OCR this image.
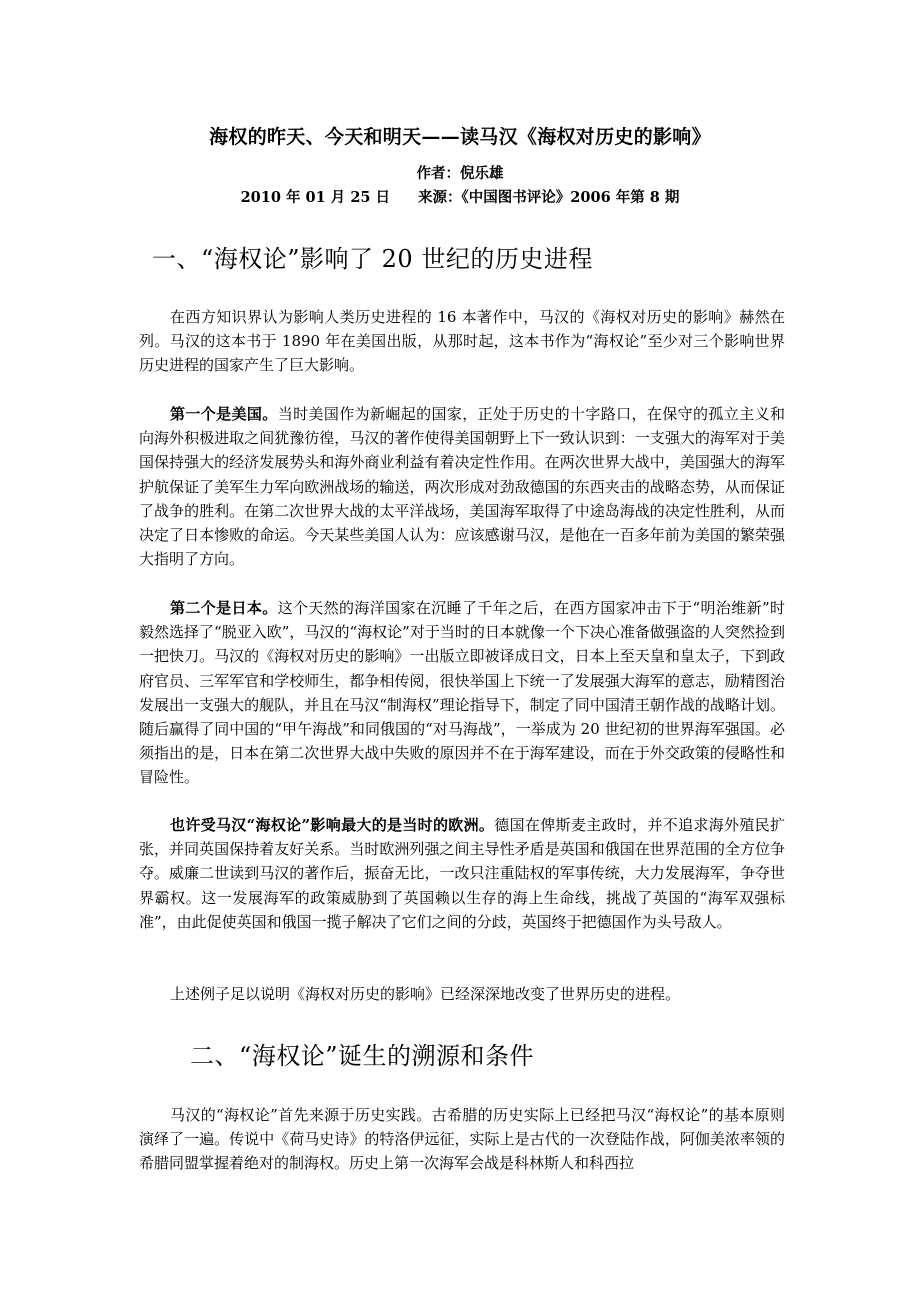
海权的昨天、今天和明天——读马汉《海权对历史的影响》
作者：倪乐雄
2010 年 01 月 25 日 来源：《中国图书评论》2006 年第 8 期
一、“海权论”影响了 20 世纪的历史进程

在西方知识界认为影响人类历史进程的 16 本著作中，马汉的《海权对历史的影响》赫然在列。马汉的这本书于 1890 年在美国出版，从那时起，这本书作为“海权论”至少对三个影响世界历史进程的国家产生了巨大影响。

第一个是美国。当时美国作为新崛起的国家，正处于历史的十字路口，在保守的孤立主义和向海外积极进取之间犹豫彷徨，马汉的著作使得美国朝野上下一致认识到：一支强大的海军对于美国保持强大的经济发展势头和海外商业利益有着决定性作用。在两次世界大战中，美国强大的海军护航保证了美军生力军向欧洲战场的输送，两次形成对劲敌德国的东西夹击的战略态势，从而保证了战争的胜利。在第二次世界大战的太平洋战场，美国海军取得了中途岛海战的决定性胜利，从而决定了日本惨败的命运。今天某些美国人认为：应该感谢马汉，是他在一百多年前为美国的繁荣强大指明了方向。

第二个是日本。这个天然的海洋国家在沉睡了千年之后，在西方国家冲击下于“明治维新”时毅然选择了“脱亚入欧”，马汉的“海权论”对于当时的日本就像一个下决心准备做强盗的人突然捡到一把快刀。马汉的《海权对历史的影响》一出版立即被译成日文，日本上至天皇和皇太子，下到政府官员、三军军官和学校师生，都争相传阅，很快举国上下统一了发展强大海军的意志，励精图治发展出一支强大的舰队，并且在马汉“制海权”理论指导下，制定了同中国清王朝作战的战略计划。随后赢得了同中国的“甲午海战”和同俄国的“对马海战”，一举成为 20 世纪初的世界海军强国。必须指出的是，日本在第二次世界大战中失败的原因并不在于海军建设，而在于外交政策的侵略性和冒险性。

也许受马汉“海权论”影响最大的是当时的欧洲。德国在俾斯麦主政时，并不追求海外殖民扩张，并同英国保持着友好关系。当时欧洲列强之间主导性矛盾是英国和俄国在世界范围的全方位争夺。威廉二世读到马汉的著作后，振奋无比，一改只注重陆权的军事传统，大力发展海军，争夺世界霸权。这一发展海军的政策威胁到了英国赖以生存的海上生命线，挑战了英国的“海军双强标准”，由此促使英国和俄国一揽子解决了它们之间的分歧，英国终于把德国作为头号敌人。

上述例子足以说明《海权对历史的影响》已经深深地改变了世界历史的进程。

二、“海权论”诞生的溯源和条件

马汉的“海权论”首先来源于历史实践。古希腊的历史实际上已经把马汉“海权论”的基本原则演绎了一遍。传说中《荷马史诗》的特洛伊远征，实际上是古代的一次登陆作战，阿伽美浓率领的希腊同盟掌握着绝对的制海权。历史上第一次海军会战是科林斯人和科西拉
